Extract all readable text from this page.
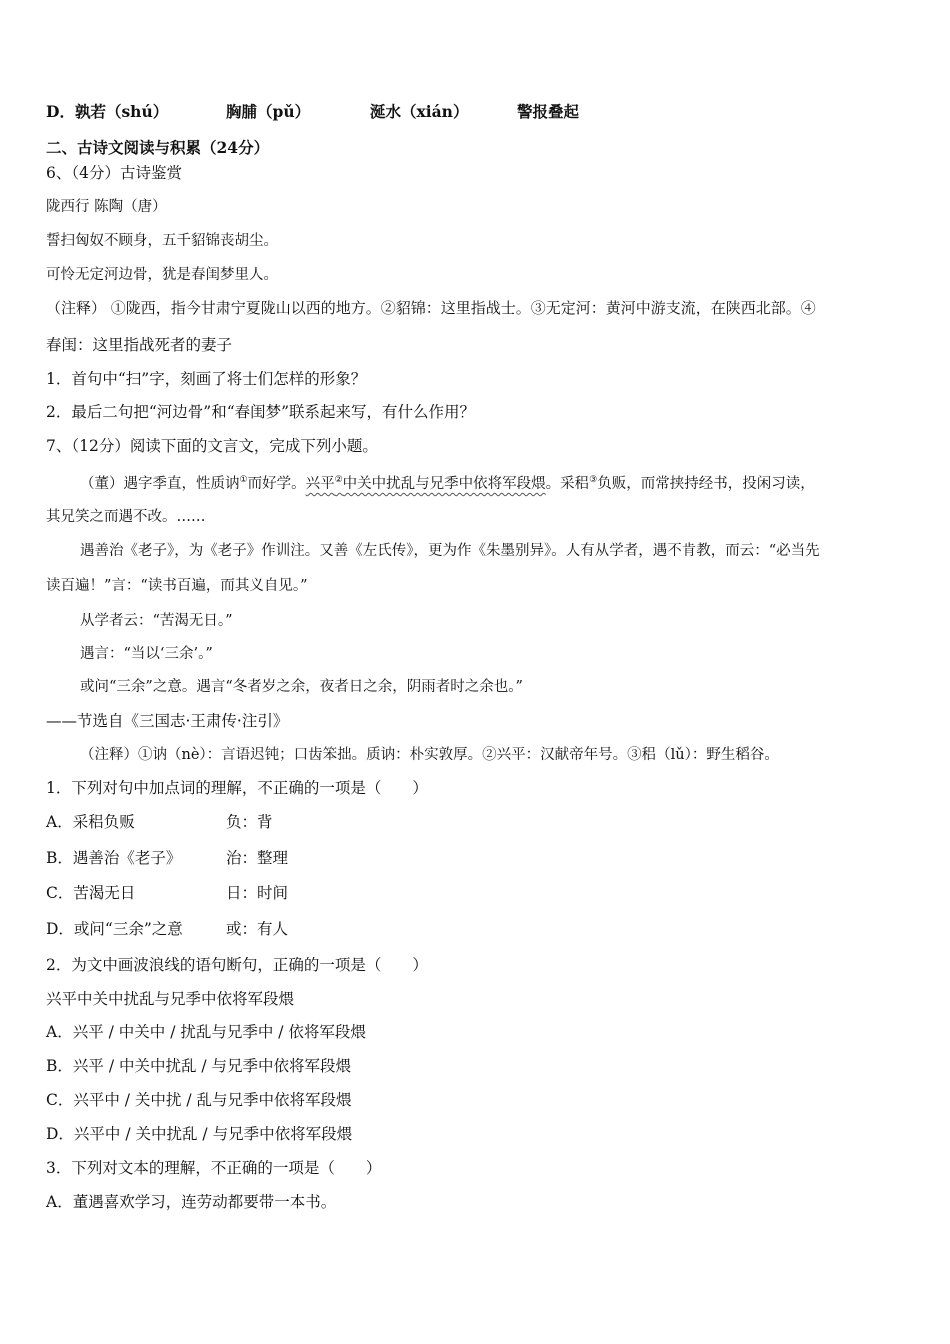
D．孰若（shú）	胸脯（pǔ）	涎水（xián）	警报叠起
二、古诗文阅读与积累（24分）
6、（4分）古诗鉴赏
陇西行 陈陶（唐）
誓扫匈奴不顾身，五千貂锦丧胡尘。
可怜无定河边骨，犹是春闺梦里人。
（注释） ①陇西，指今甘肃宁夏陇山以西的地方。②貂锦：这里指战士。③无定河：黄河中游支流，在陕西北部。④
春闺：这里指战死者的妻子
1．首句中“扫”字，刻画了将士们怎样的形象？
2．最后二句把“河边骨”和“春闺梦”联系起来写，有什么作用？
7、（12分）阅读下面的文言文，完成下列小题。
（董）遇字季直，性质讷①而好学。兴平②中关中扰乱与兄季中依将军段煨。采稆③负贩，而常挟持经书，投闲习读，
其兄笑之而遇不改。……
遇善治《老子》，为《老子》作训注。又善《左氏传》，更为作《朱墨别异》。人有从学者，遇不肯教，而云：“必当先
读百遍！”言：“读书百遍，而其义自见。”
从学者云：“苦渴无日。”
遇言：“当以‘三余’。”
或问“三余”之意。遇言“冬者岁之余，夜者日之余，阴雨者时之余也。”
——节选自《三国志·王肃传·注引》
（注释）①讷（nè）：言语迟钝；口齿笨拙。质讷：朴实敦厚。②兴平：汉献帝年号。③稆（lǔ）：野生稻谷。
1．下列对句中加点词的理解，不正确的一项是（　　）
A．采稆负贩	负：背
B．遇善治《老子》	治：整理
C．苦渴无日	日：时间
D．或问“三余”之意	或：有人
2．为文中画波浪线的语句断句，正确的一项是（　　）
兴平中关中扰乱与兄季中依将军段煨
A．兴平 / 中关中 / 扰乱与兄季中 / 依将军段煨
B．兴平 / 中关中扰乱 / 与兄季中依将军段煨
C．兴平中 / 关中扰 / 乱与兄季中依将军段煨
D．兴平中 / 关中扰乱 / 与兄季中依将军段煨
3．下列对文本的理解，不正确的一项是（　　）
A．董遇喜欢学习，连劳动都要带一本书。
